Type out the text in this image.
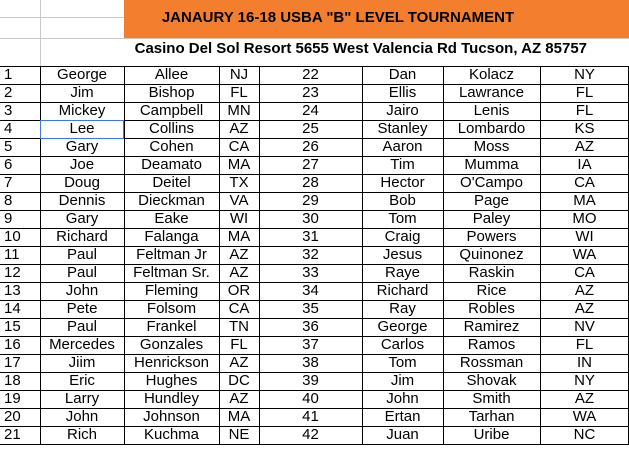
JANAURY 16-18 USBA "B" LEVEL TOURNAMENT
Casino Del Sol Resort 5655 West Valencia Rd Tucson, AZ 85757
1	George	Allee	NJ	22	Dan	Kolacz	NY
2	Jim	Bishop	FL	23	Ellis	Lawrance	FL
3	Mickey	Campbell	MN	24	Jairo	Lenis	FL
4	Lee	Collins	AZ	25	Stanley	Lombardo	KS
5	Gary	Cohen	CA	26	Aaron	Moss	AZ
6	Joe	Deamato	MA	27	Tim	Mumma	IA
7	Doug	Deitel	TX	28	Hector	O'Campo	CA
8	Dennis	Dieckman	VA	29	Bob	Page	MA
9	Gary	Eake	WI	30	Tom	Paley	MO
10	Richard	Falanga	MA	31	Craig	Powers	WI
11	Paul	Feltman Jr	AZ	32	Jesus	Quinonez	WA
12	Paul	Feltman Sr.	AZ	33	Raye	Raskin	CA
13	John	Fleming	OR	34	Richard	Rice	AZ
14	Pete	Folsom	CA	35	Ray	Robles	AZ
15	Paul	Frankel	TN	36	George	Ramirez	NV
16	Mercedes	Gonzales	FL	37	Carlos	Ramos	FL
17	Jiim	Henrickson	AZ	38	Tom	Rossman	IN
18	Eric	Hughes	DC	39	Jim	Shovak	NY
19	Larry	Hundley	AZ	40	John	Smith	AZ
20	John	Johnson	MA	41	Ertan	Tarhan	WA
21	Rich	Kuchma	NE	42	Juan	Uribe	NC
